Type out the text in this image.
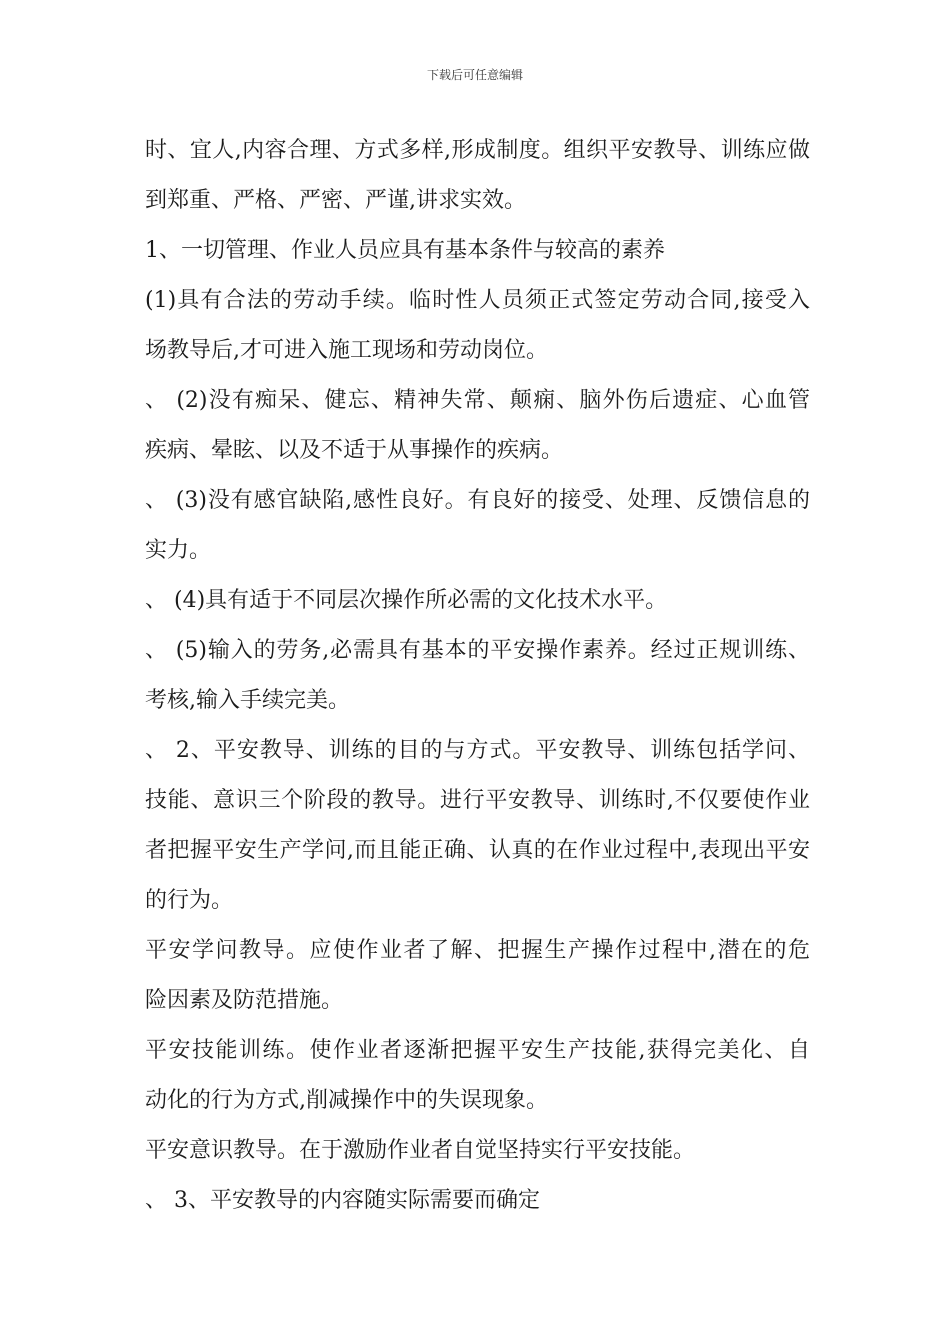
下载后可任意编辑
时、宜人,内容合理、方式多样,形成制度。组织平安教导、训练应做
到郑重、严格、严密、严谨,讲求实效。
1、一切管理、作业人员应具有基本条件与较高的素养
(1)具有合法的劳动手续。临时性人员须正式签定劳动合同,接受入
场教导后,才可进入施工现场和劳动岗位。
、 (2)没有痴呆、健忘、精神失常、颠痫、脑外伤后遗症、心血管
疾病、晕眩、以及不适于从事操作的疾病。
、 (3)没有感官缺陷,感性良好。有良好的接受、处理、反馈信息的
实力。
、 (4)具有适于不同层次操作所必需的文化技术水平。
、 (5)输入的劳务,必需具有基本的平安操作素养。经过正规训练、
考核,输入手续完美。
、 2、平安教导、训练的目的与方式。平安教导、训练包括学问、
技能、意识三个阶段的教导。进行平安教导、训练时,不仅要使作业
者把握平安生产学问,而且能正确、认真的在作业过程中,表现出平安
的行为。
平安学问教导。应使作业者了解、把握生产操作过程中,潜在的危
险因素及防范措施。
平安技能训练。使作业者逐渐把握平安生产技能,获得完美化、自
动化的行为方式,削减操作中的失误现象。
平安意识教导。在于激励作业者自觉坚持实行平安技能。
、 3、平安教导的内容随实际需要而确定
